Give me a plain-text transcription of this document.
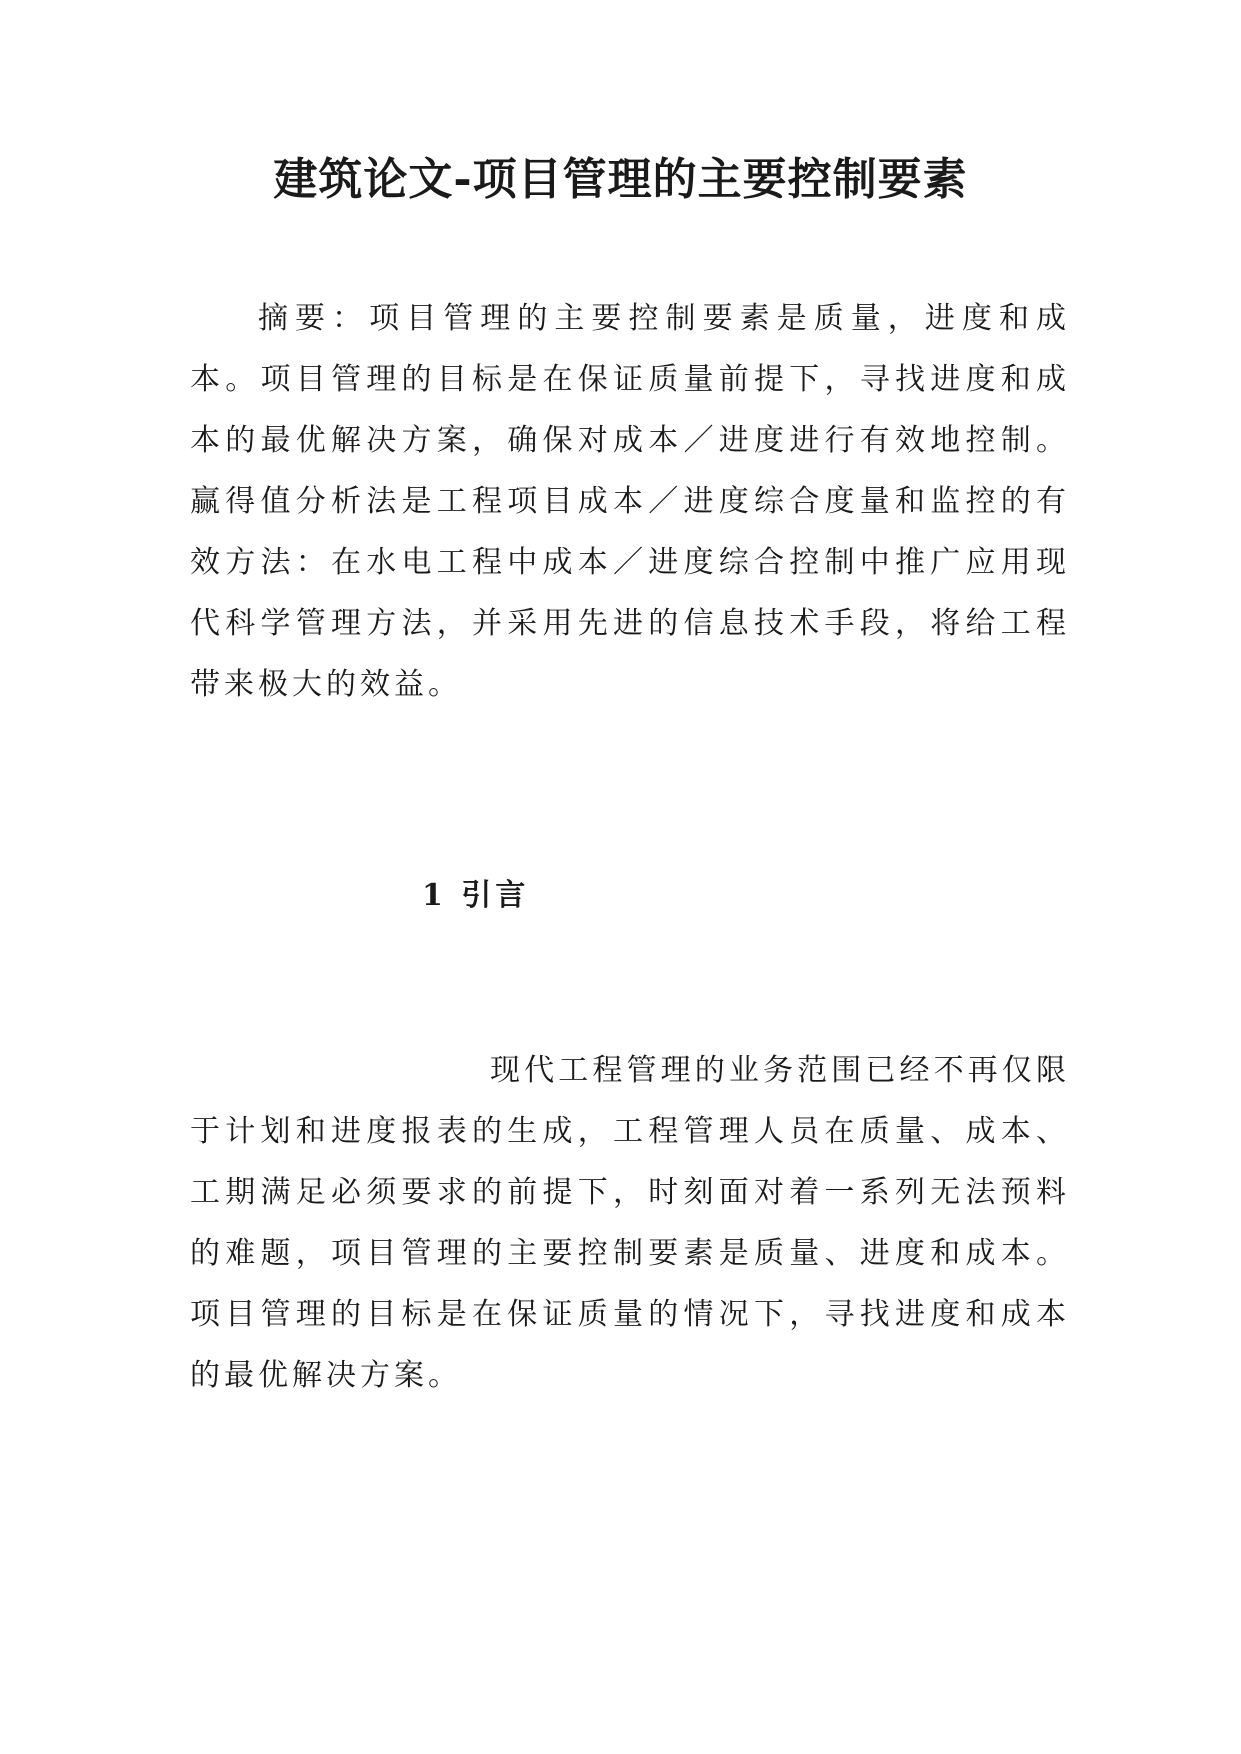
建筑论文-项目管理的主要控制要素

摘要：项目管理的主要控制要素是质量，进度和成本。项目管理的目标是在保证质量前提下，寻找进度和成本的最优解决方案，确保对成本／进度进行有效地控制。赢得值分析法是工程项目成本／进度综合度量和监控的有效方法：在水电工程中成本／进度综合控制中推广应用现代科学管理方法，并采用先进的信息技术手段，将给工程带来极大的效益。

1 引言

现代工程管理的业务范围已经不再仅限于计划和进度报表的生成，工程管理人员在质量、成本、工期满足必须要求的前提下，时刻面对着一系列无法预料的难题，项目管理的主要控制要素是质量、进度和成本。项目管理的目标是在保证质量的情况下，寻找进度和成本的最优解决方案。
